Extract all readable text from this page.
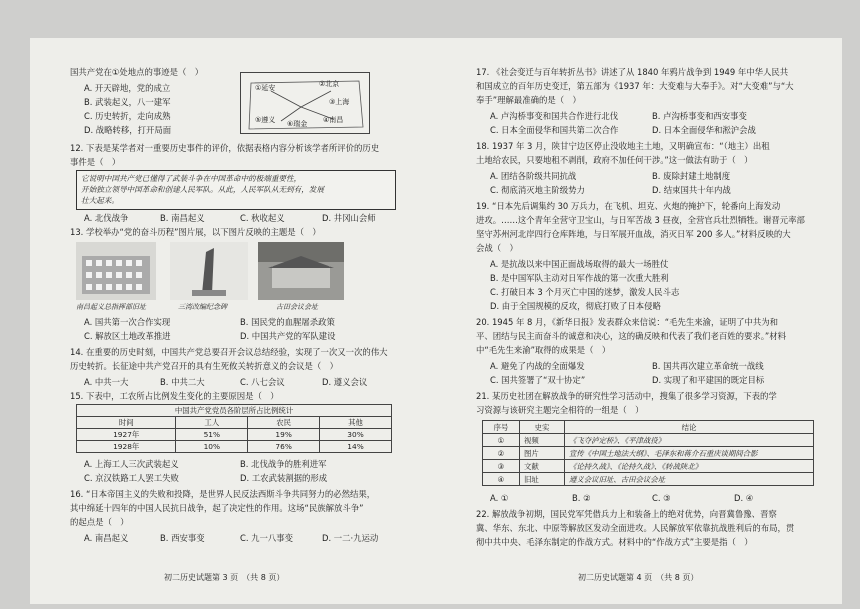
国共产党在①处地点的事迹是（　）
A. 开天辟地，党的成立
B. 武装起义，八一建军
C. 历史转折，走向成熟
D. 战略转移，打开局面
①延安	②北京
③上海
④南昌
⑤遵义 ⑥瑞金
12. 下表是某学者对一重要历史事件的评价，依据表格内容分析该学者所评价的历史
事件是（　）
它说明中国共产党已懂得了武装斗争在中国革命中的极端重要性，
开始独立领导中国革命和创建人民军队。从此，人民军队从无到有，发展
壮大起来。
A. 北伐战争	B. 南昌起义	C. 秋收起义	D. 井冈山会师
13. 学校举办“党的奋斗历程”图片展，以下图片反映的主题是（　）
南昌起义总指挥部旧址	三湾改编纪念碑	古田会议会址
A. 国共第一次合作实现	B. 国民党的血腥屠杀政策
C. 解放区土地改革推进	D. 中国共产党的军队建设
14. 在重要的历史时刻，中国共产党总要召开会议总结经验，实现了一次又一次的伟大
历史转折。长征途中共产党召开的具有生死攸关转折意义的会议是（　）
A. 中共一大	B. 中共二大	C. 八七会议	D. 遵义会议
15. 下表中，工农所占比例发生变化的主要原因是（　）
中国共产党党员各阶层所占比例统计			
时间	工人	农民	其他
1927年	51%	19%	30%
1928年	10%	76%	14%
A. 上海工人三次武装起义	B. 北伐战争的胜利进军
C. 京汉铁路工人罢工失败	D. 工农武装割据的形成
16. “日本帝国主义的失败和投降，是世界人民反法西斯斗争共同努力的必然结果，
其中绵延十四年的中国人民抗日战争，起了决定性的作用。这场“民族解放斗争”
的起点是（　）
A. 南昌起义	B. 西安事变	C. 九一八事变	D. 一二·九运动
初二历史试题第 3 页　（共 8 页）
17. 《社会变迁与百年转折丛书》讲述了从 1840 年鸦片战争到 1949 年中华人民共
和国成立的百年历史变迁，第五部为《1937 年：大变难与大奉手》。对“大变难”与“大
奉手”理解最准确的是（　）
A. 卢沟桥事变和国共合作进行北伐	B. 卢沟桥事变和西安事变
C. 日本全面侵华和国共第二次合作	D. 日本全面侵华和淞沪会战
18. 1937 年 3 月，陕甘宁边区停止没收地主土地，又明确宣布：“（地主）出租
土地给农民，只要地租不剥削，政府不加任何干涉。”这一做法有助于（　）
A. 团结各阶级共同抗战	B. 废除封建土地制度
C. 彻底消灭地主阶级势力	D. 结束国共十年内战
19. “日本先后调集约 30 万兵力，在飞机、坦克、火炮的掩护下，轮番向上海发动
进攻。……这个青年全营守卫宝山，与日军苦战 3 昼夜，全营官兵壮烈牺牲。谢晋元率部
坚守苏州河北岸四行仓库阵地，与日军展开血战，消灭日军 200 多人。”材料反映的大
会战（　）
A. 是抗战以来中国正面战场取得的最大一场胜仗
B. 是中国军队主动对日军作战的第一次重大胜利
C. 打破日本 3 个月灭亡中国的迷梦，激发人民斗志
D. 由于全国规模的反攻，彻底打败了日本侵略
20. 1945 年 8 月，《新华日报》发表群众来信说：“毛先生来渝，证明了中共为和
平、团结与民主而奋斗的诚意和决心，这的确反映和代表了我们老百姓的要求。”材料
中“毛先生来渝”取得的成果是（　）
A. 避免了内战的全面爆发	B. 国共再次建立革命统一战线
C. 国共签署了“双十协定”	D. 实现了和平建国的既定目标
21. 某历史社团在解放战争的研究性学习活动中，搜集了很多学习资源，下表的学
习资源与该研究主题完全相符的一组是（　）
序号	史实	结论
①	视频	《飞夺泸定桥》、《平津战役》
②	图片	宣传《中国土地法大纲》、毛泽东和蒋介石重庆谈期间合影
③	文献	《论持久战》、《论持久战》、《转战陕北》
④	旧址	遵义会议旧址、古田会议会址
A. ①	B. ②	C. ③	D. ④
22. 解放战争初期，国民党军凭借兵力上和装备上的绝对优势，向晋冀鲁豫、晋察
冀、华东、东北、中原等解放区发动全面进攻。人民解放军依靠抗战胜利后的布局，贯
彻中共中央、毛泽东制定的作战方式。材料中的“作战方式”主要是指（　）
初二历史试题第 4 页　（共 8 页）
